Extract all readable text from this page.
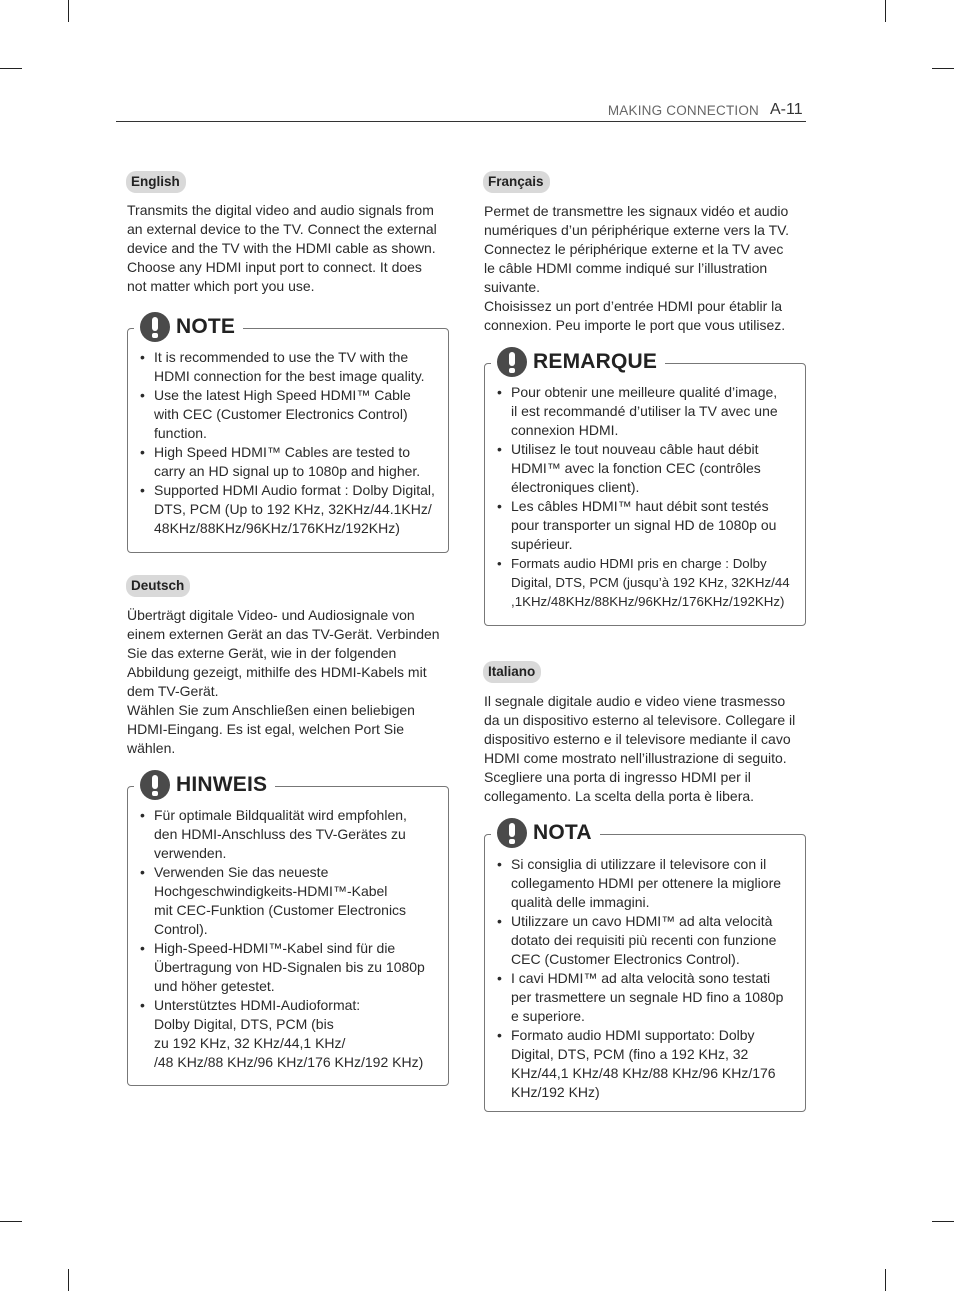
MAKING CONNECTION A-11
English

Transmits the digital video and audio signals from
an external device to the TV. Connect the external
device and the TV with the HDMI cable as shown.
Choose any HDMI input port to connect. It does
not matter which port you use.

NOTE
• It is recommended to use the TV with the
HDMI connection for the best image quality.
• Use the latest High Speed HDMI™ Cable
with CEC (Customer Electronics Control)
function.
• High Speed HDMI™ Cables are tested to
carry an HD signal up to 1080p and higher.
• Supported HDMI Audio format : Dolby Digital,
DTS, PCM (Up to 192 KHz, 32KHz/44.1KHz/
48KHz/88KHz/96KHz/176KHz/192KHz)
Deutsch

Überträgt digitale Video- und Audiosignale von
einem externen Gerät an das TV-Gerät. Verbinden
Sie das externe Gerät, wie in der folgenden
Abbildung gezeigt, mithilfe des HDMI-Kabels mit
dem TV-Gerät.
Wählen Sie zum Anschließen einen beliebigen
HDMI-Eingang. Es ist egal, welchen Port Sie
wählen.

HINWEIS
• Für optimale Bildqualität wird empfohlen,
den HDMI-Anschluss des TV-Gerätes zu
verwenden.
• Verwenden Sie das neueste
Hochgeschwindigkeits-HDMI™-Kabel
mit CEC-Funktion (Customer Electronics
Control).
• High-Speed-HDMI™-Kabel sind für die
Übertragung von HD-Signalen bis zu 1080p
und höher getestet.
• Unterstütztes HDMI-Audioformat:
Dolby Digital, DTS, PCM (bis
zu 192 KHz, 32 KHz/44,1 KHz/
/48 KHz/88 KHz/96 KHz/176 KHz/192 KHz)
Français

Permet de transmettre les signaux vidéo et audio
numériques d’un périphérique externe vers la TV.
Connectez le périphérique externe et la TV avec
le câble HDMI comme indiqué sur l’illustration
suivante.
Choisissez un port d’entrée HDMI pour établir la
connexion. Peu importe le port que vous utilisez.

REMARQUE
• Pour obtenir une meilleure qualité d’image,
il est recommandé d’utiliser la TV avec une
connexion HDMI.
• Utilisez le tout nouveau câble haut débit
HDMI™ avec la fonction CEC (contrôles
électroniques client).
• Les câbles HDMI™ haut débit sont testés
pour transporter un signal HD de 1080p ou
supérieur.
• Formats audio HDMI pris en charge : Dolby
Digital, DTS, PCM (jusqu’à 192 KHz, 32KHz/44
,1KHz/48KHz/88KHz/96KHz/176KHz/192KHz)
Italiano

Il segnale digitale audio e video viene trasmesso
da un dispositivo esterno al televisore. Collegare il
dispositivo esterno e il televisore mediante il cavo
HDMI come mostrato nell’illustrazione di seguito.
Scegliere una porta di ingresso HDMI per il
collegamento. La scelta della porta è libera.

NOTA
• Si consiglia di utilizzare il televisore con il
collegamento HDMI per ottenere la migliore
qualità delle immagini.
• Utilizzare un cavo HDMI™ ad alta velocità
dotato dei requisiti più recenti con funzione
CEC (Customer Electronics Control).
• I cavi HDMI™ ad alta velocità sono testati
per trasmettere un segnale HD fino a 1080p
e superiore.
• Formato audio HDMI supportato: Dolby
Digital, DTS, PCM (fino a 192 KHz, 32
KHz/44,1 KHz/48 KHz/88 KHz/96 KHz/176
KHz/192 KHz)
